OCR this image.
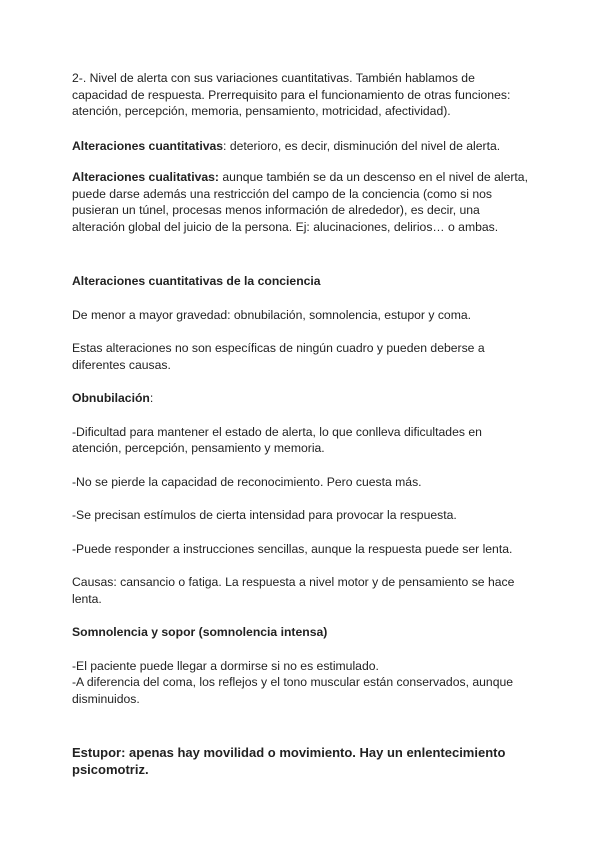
2-. Nivel de alerta con sus variaciones cuantitativas. También hablamos de capacidad de respuesta. Prerrequisito para el funcionamiento de otras funciones: atención, percepción, memoria, pensamiento, motricidad, afectividad).

Alteraciones cuantitativas: deterioro, es decir, disminución del nivel de alerta.

Alteraciones cualitativas: aunque también se da un descenso en el nivel de alerta, puede darse además una restricción del campo de la conciencia (como si nos pusieran un túnel, procesas menos información de alrededor), es decir, una alteración global del juicio de la persona. Ej: alucinaciones, delirios… o ambas.

Alteraciones cuantitativas de la conciencia

De menor a mayor gravedad: obnubilación, somnolencia, estupor y coma.

Estas alteraciones no son específicas de ningún cuadro y pueden deberse a diferentes causas.

Obnubilación:

-Dificultad para mantener el estado de alerta, lo que conlleva dificultades en atención, percepción, pensamiento y memoria.

-No se pierde la capacidad de reconocimiento. Pero cuesta más.

-Se precisan estímulos de cierta intensidad para provocar la respuesta.

-Puede responder a instrucciones sencillas, aunque la respuesta puede ser lenta.

Causas: cansancio o fatiga. La respuesta a nivel motor y de pensamiento se hace lenta.

Somnolencia y sopor (somnolencia intensa)

-El paciente puede llegar a dormirse si no es estimulado.

-A diferencia del coma, los reflejos y el tono muscular están conservados, aunque disminuidos.

Estupor: apenas hay movilidad o movimiento. Hay un enlentecimiento psicomotriz.
